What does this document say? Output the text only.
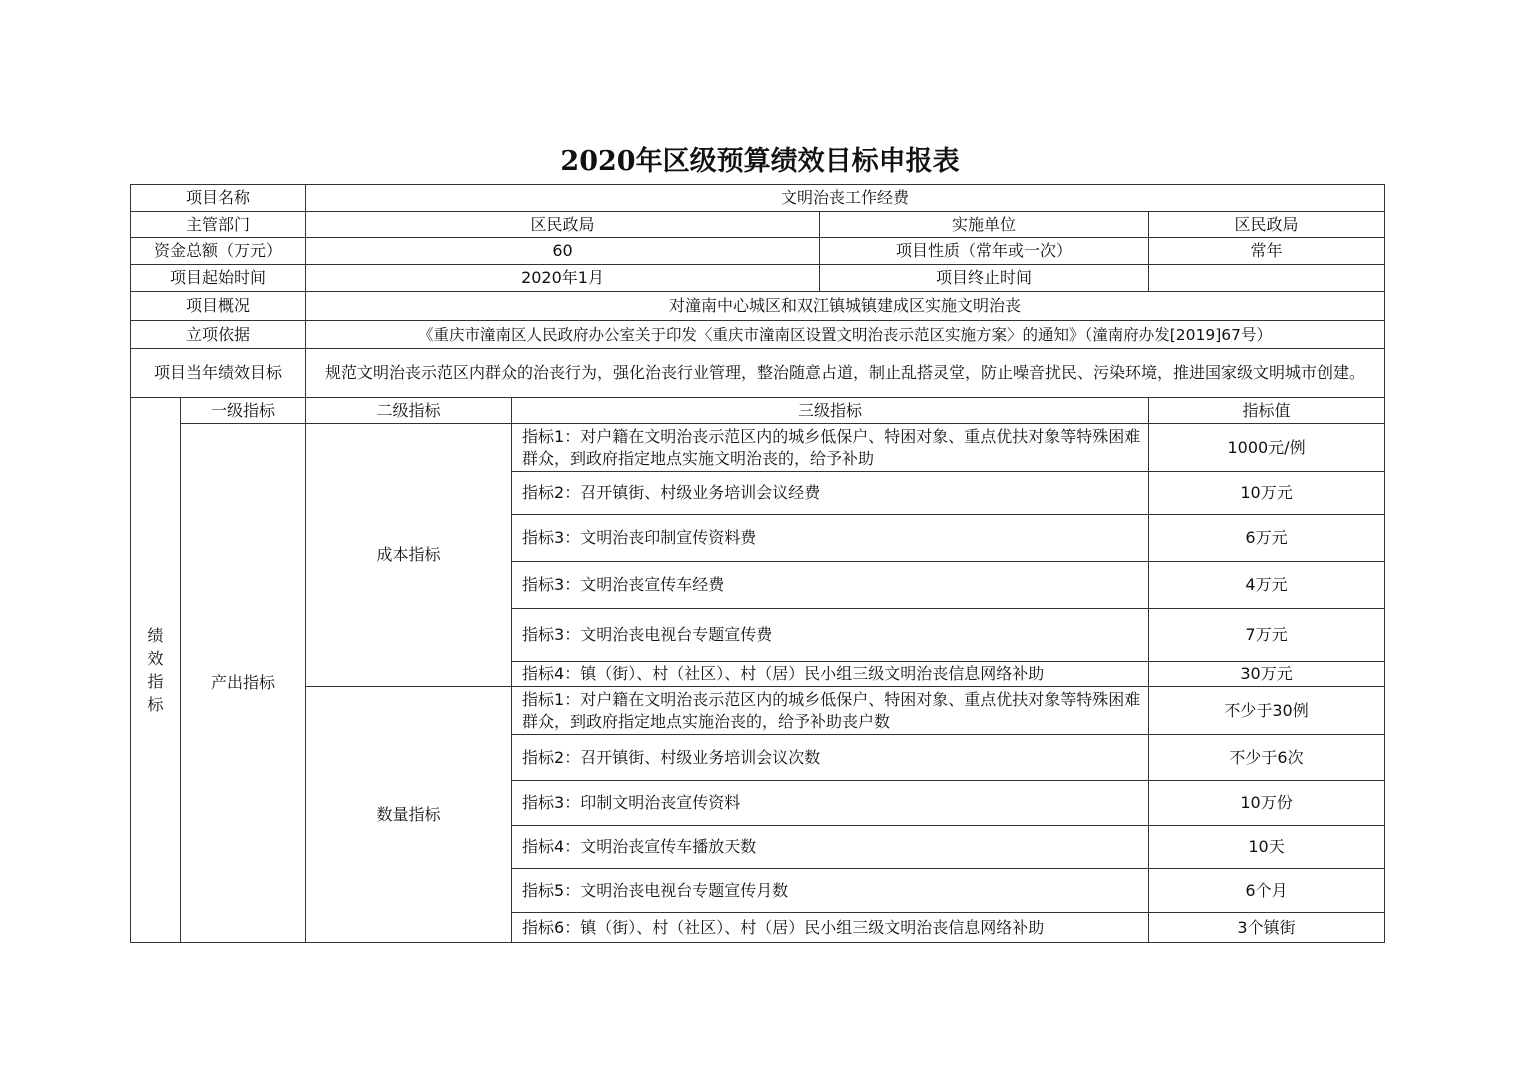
2020年区级预算绩效目标申报表
项目名称		文明治丧工作经费			
主管部门		区民政局		实施单位	区民政局
资金总额（万元）		60		项目性质（常年或一次）	常年
项目起始时间		2020年1月		项目终止时间	
项目概况		对潼南中心城区和双江镇城镇建成区实施文明治丧			
立项依据		《重庆市潼南区人民政府办公室关于印发〈重庆市潼南区设置文明治丧示范区实施方案〉的通知》（潼南府办发[2019]67号）			
项目当年绩效目标		规范文明治丧示范区内群众的治丧行为，强化治丧行业管理，整治随意占道，制止乱搭灵堂，防止噪音扰民、污染环境，推进国家级文明城市创建。			
绩效指标	一级指标	二级指标	三级指标		指标值
	产出指标	成本指标	指标1：对户籍在文明治丧示范区内的城乡低保户、特困对象、重点优扶对象等特殊困难群众，到政府指定地点实施文明治丧的，给予补助		1000元/例
			指标2：召开镇街、村级业务培训会议经费		10万元
			指标3：文明治丧印制宣传资料费		6万元
			指标3：文明治丧宣传车经费		4万元
			指标3：文明治丧电视台专题宣传费		7万元
			指标4：镇（街）、村（社区）、村（居）民小组三级文明治丧信息网络补助		30万元
		数量指标	指标1：对户籍在文明治丧示范区内的城乡低保户、特困对象、重点优扶对象等特殊困难群众，到政府指定地点实施治丧的，给予补助丧户数		不少于30例
			指标2：召开镇街、村级业务培训会议次数		不少于6次
			指标3：印制文明治丧宣传资料		10万份
			指标4：文明治丧宣传车播放天数		10天
			指标5：文明治丧电视台专题宣传月数		6个月
			指标6：镇（街）、村（社区）、村（居）民小组三级文明治丧信息网络补助		3个镇街
